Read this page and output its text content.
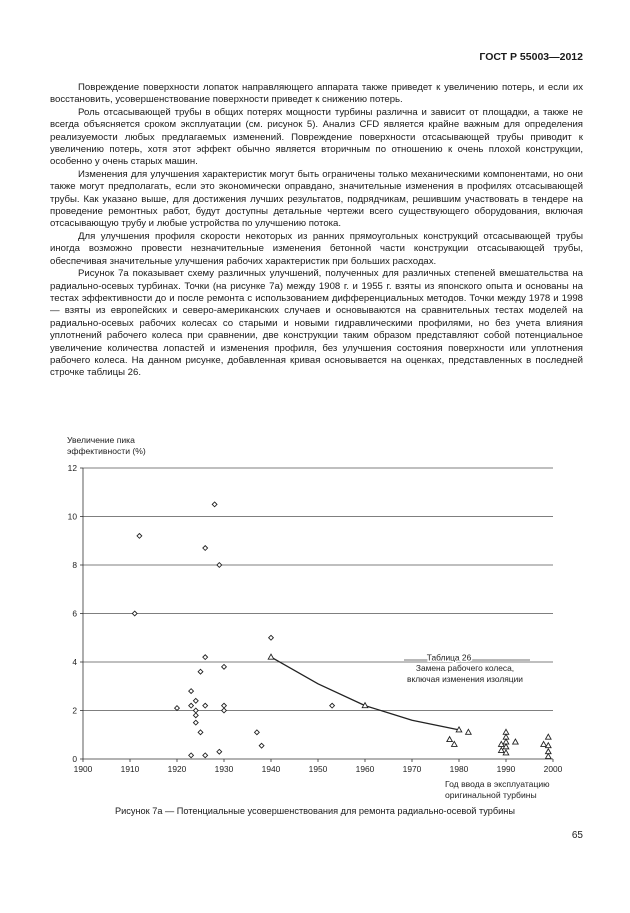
ГОСТ Р 55003—2012

Повреждение поверхности лопаток направляющего аппарата также приведет к увеличению потерь, и если их восстановить, усовершенствование поверхности приведет к снижению потерь.

Роль отсасывающей трубы в общих потерях мощности турбины различна и зависит от площадки, а также не всегда объясняется сроком эксплуатации (см. рисунок 5). Анализ CFD является крайне важным для определения реализуемости любых предлагаемых изменений. Повреждение поверхности отсасывающей трубы приводит к увеличению потерь, хотя этот эффект обычно является вторичным по отношению к очень плохой конструкции, особенно у очень старых машин.

Изменения для улучшения характеристик могут быть ограничены только механическими компонентами, но они также могут предполагать, если это экономически оправдано, значительные изменения в профилях отсасывающей трубы. Как указано выше, для достижения лучших результатов, подрядчикам, решившим участвовать в тендере на проведение ремонтных работ, будут доступны детальные чертежи всего существующего оборудования, включая отсасывающую трубу и любые устройства по улучшению потока.

Для улучшения профиля скорости некоторых из ранних прямоугольных конструкций отсасывающей трубы иногда возможно провести незначительные изменения бетонной части конструкции отсасывающей трубы, обеспечивая значительные улучшения рабочих характеристик при больших расходах.

Рисунок 7a показывает схему различных улучшений, полученных для различных степеней вмешательства на радиально-осевых турбинах. Точки (на рисунке 7a) между 1908 г. и 1955 г. взяты из японского опыта и основаны на тестах эффективности до и после ремонта с использованием дифференциальных методов. Точки между 1978 и 1998 — взяты из европейских и северо-американских случаев и основываются на сравнительных тестах моделей на радиально-осевых рабочих колесах со старыми и новыми гидравлическими профилями, но без учета влияния уплотнений рабочего колеса при сравнении, две конструкции таким образом представляют собой потенциальное увеличение количества лопастей и изменения профиля, без улучшения состояния поверхности или уплотнения рабочего колеса. На данном рисунке, добавленная кривая основывается на оценках, представленных в последней строчке таблицы 26.

Увеличение пика
эффективности (%)
0
2
4
6
8
10
12
1900	1910	1920	1930	1940	1950	1960	1970	1980	1990	2000
Таблица 26
Замена рабочего колеса,
включая изменения изоляции
Год ввода в эксплуатацию
оригинальной турбины
Рисунок 7а — Потенциальные усовершенствования для ремонта радиально-осевой турбины
65
